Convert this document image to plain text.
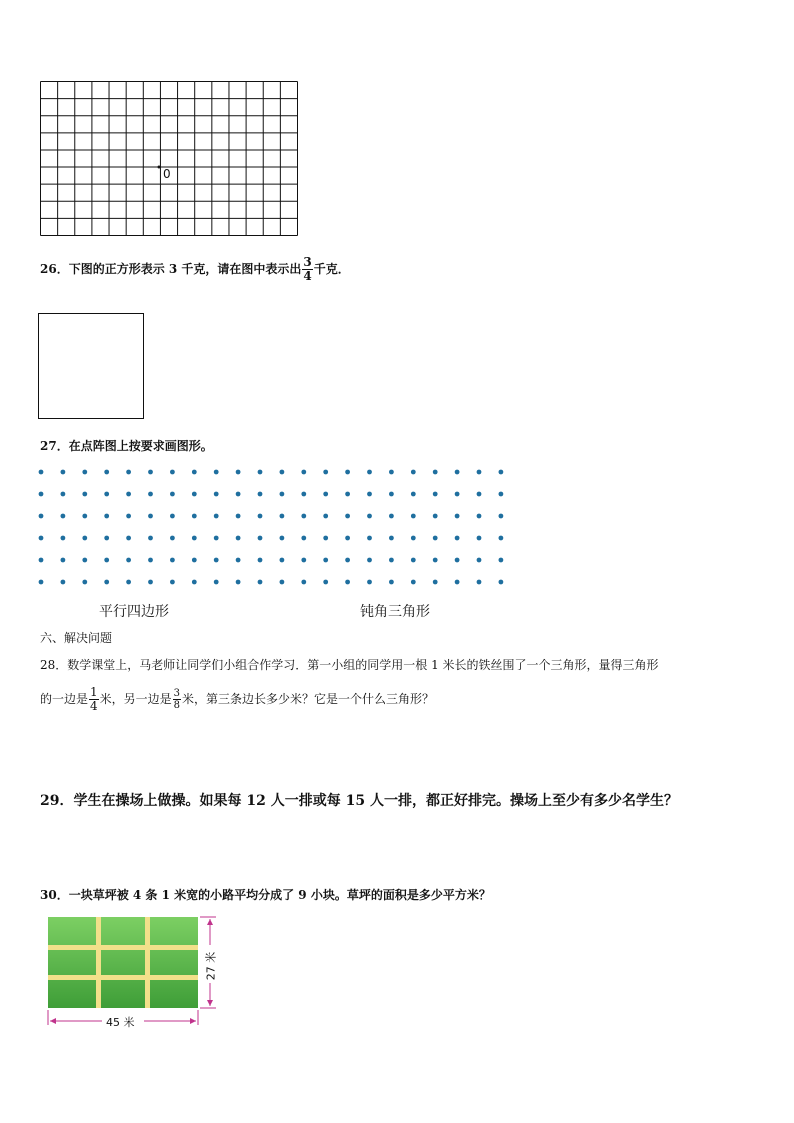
0
26．下图的正方形表示 3 千克，请在图中表示出 $\frac{3}{4}$ 千克．
27．在点阵图上按要求画图形。
平行四边形	钝角三角形
六、解决问题
28．数学课堂上，马老师让同学们小组合作学习．第一小组的同学用一根 1 米长的铁丝围了一个三角形，量得三角形
的一边是 $\frac{1}{4}$ 米，另一边是 $\frac{3}{8}$ 米，第三条边长多少米？它是一个什么三角形？
29．学生在操场上做操。如果每 12 人一排或每 15 人一排，都正好排完。操场上至少有多少名学生？
30．一块草坪被 4 条 1 米宽的小路平均分成了 9 小块。草坪的面积是多少平方米？
45 米
27 米
